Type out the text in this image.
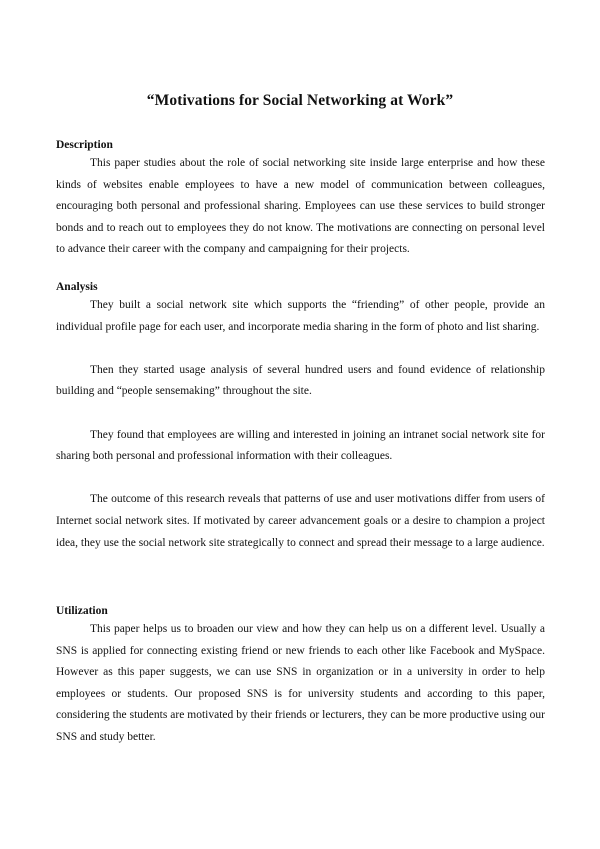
“Motivations for Social Networking at Work”
Description

This paper studies about the role of social networking site inside large enterprise and how these kinds of websites enable employees to have a new model of communication between colleagues, encouraging both personal and professional sharing. Employees can use these services to build stronger bonds and to reach out to employees they do not know. The motivations are connecting on personal level to advance their career with the company and campaigning for their projects.

Analysis

They built a social network site which supports the “friending” of other people, provide an individual profile page for each user, and incorporate media sharing in the form of photo and list sharing.

Then they started usage analysis of several hundred users and found evidence of relationship building and “people sensemaking” throughout the site.

They found that employees are willing and interested in joining an intranet social network site for sharing both personal and professional information with their colleagues.

The outcome of this research reveals that patterns of use and user motivations differ from users of Internet social network sites. If motivated by career advancement goals or a desire to champion a project idea, they use the social network site strategically to connect and spread their message to a large audience.

Utilization

This paper helps us to broaden our view and how they can help us on a different level. Usually a SNS is applied for connecting existing friend or new friends to each other like Facebook and MySpace. However as this paper suggests, we can use SNS in organization or in a university in order to help employees or students. Our proposed SNS is for university students and according to this paper, considering the students are motivated by their friends or lecturers, they can be more productive using our SNS and study better.
